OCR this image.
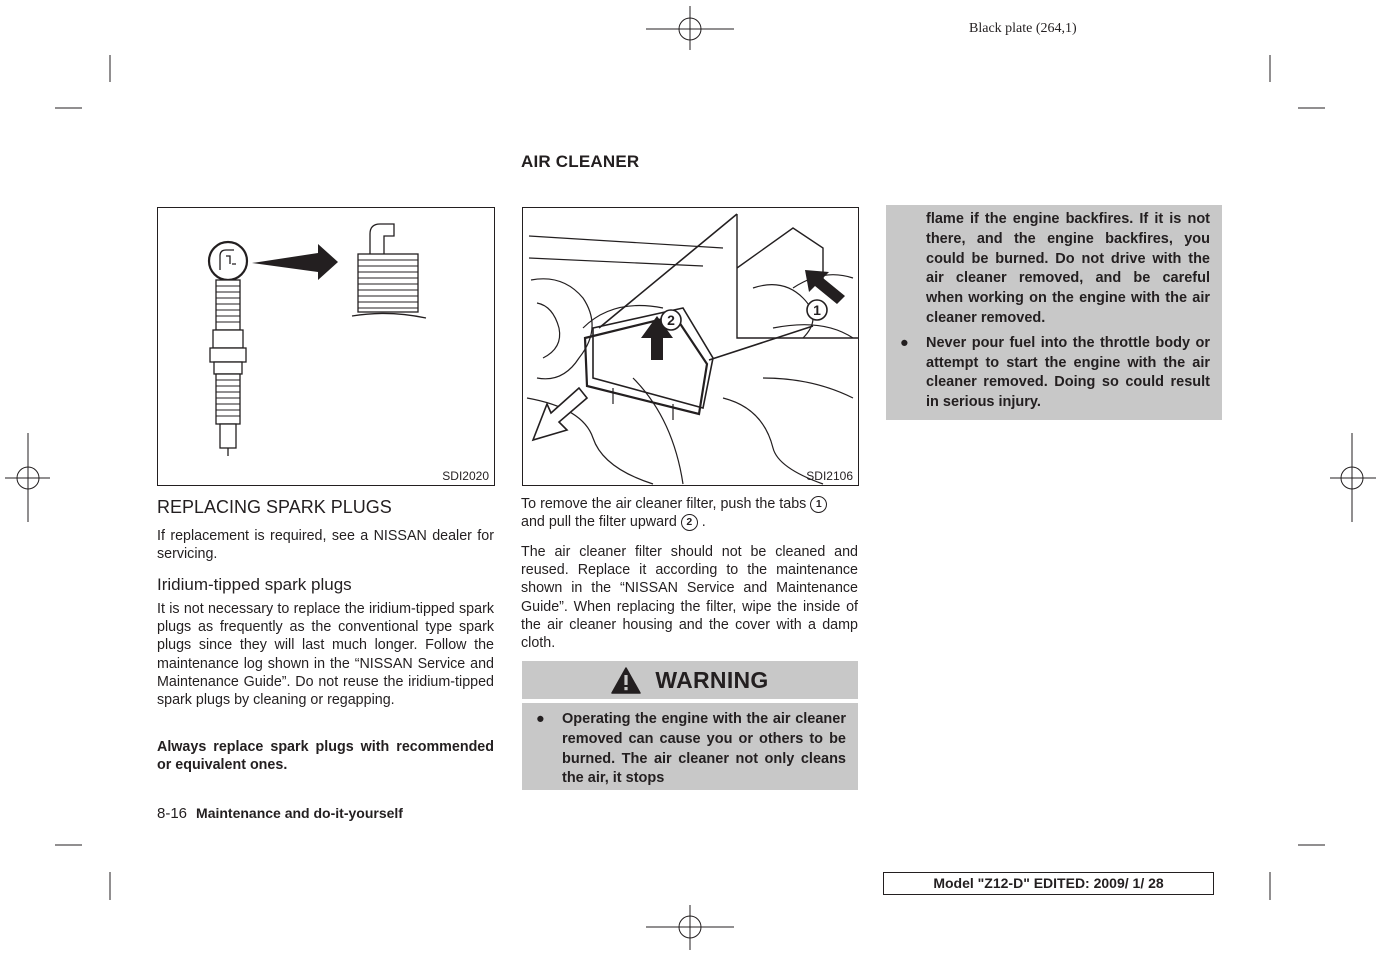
Black plate (264,1)
AIR CLEANER
SDI2020
2
1
SDI2106
REPLACING SPARK PLUGS
If replacement is required, see a NISSAN dealer for servicing.
Iridium-tipped spark plugs
It is not necessary to replace the iridium-tipped spark plugs as frequently as the conventional type spark plugs since they will last much longer. Follow the maintenance log shown in the “NISSAN Service and Maintenance Guide”. Do not reuse the iridium-tipped spark plugs by cleaning or regapping.
Always replace spark plugs with recommended or equivalent ones.
To remove the air cleaner filter, push the tabs 1
and pull the filter upward 2 .
The air cleaner filter should not be cleaned and reused. Replace it according to the maintenance shown in the “NISSAN Service and Maintenance Guide”. When replacing the filter, wipe the inside of the air cleaner housing and the cover with a damp cloth.
WARNING
● Operating the engine with the air cleaner removed can cause you or others to be burned. The air cleaner not only cleans the air, it stops
flame if the engine backfires. If it is not there, and the engine backfires, you could be burned. Do not drive with the air cleaner removed, and be careful when working on the engine with the air cleaner removed.
● Never pour fuel into the throttle body or attempt to start the engine with the air cleaner removed. Doing so could result in serious injury.
8-16 Maintenance and do-it-yourself
Model "Z12-D" EDITED: 2009/ 1/ 28
